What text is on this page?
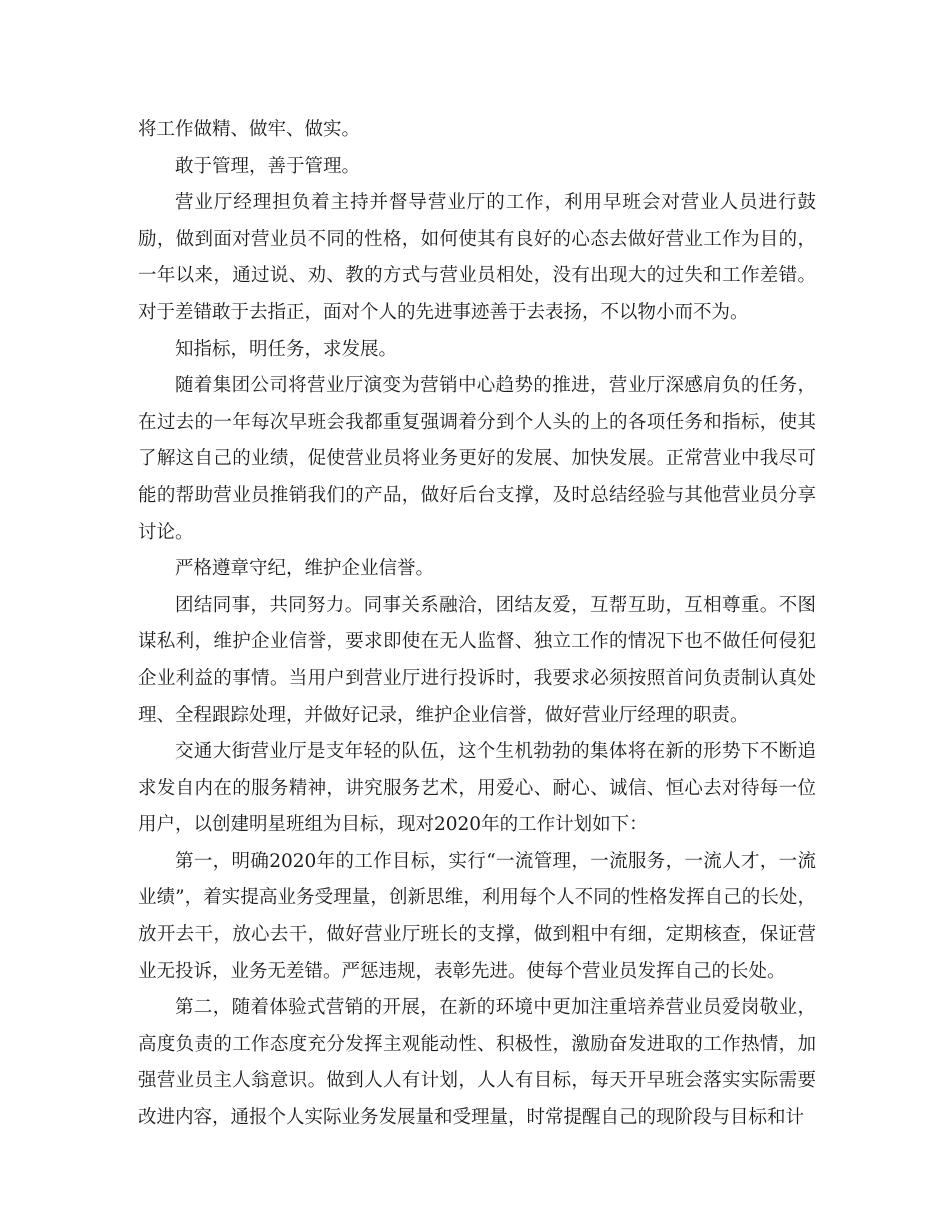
将工作做精、做牢、做实。

敢于管理，善于管理。

营业厅经理担负着主持并督导营业厅的工作，利用早班会对营业人员进行鼓励，做到面对营业员不同的性格，如何使其有良好的心态去做好营业工作为目的，一年以来，通过说、劝、教的方式与营业员相处，没有出现大的过失和工作差错。对于差错敢于去指正，面对个人的先进事迹善于去表扬，不以物小而不为。

知指标，明任务，求发展。

随着集团公司将营业厅演变为营销中心趋势的推进，营业厅深感肩负的任务，在过去的一年每次早班会我都重复强调着分到个人头的上的各项任务和指标，使其了解这自己的业绩，促使营业员将业务更好的发展、加快发展。正常营业中我尽可能的帮助营业员推销我们的产品，做好后台支撑，及时总结经验与其他营业员分享讨论。

严格遵章守纪，维护企业信誉。

团结同事，共同努力。同事关系融洽，团结友爱，互帮互助，互相尊重。不图谋私利，维护企业信誉，要求即使在无人监督、独立工作的情况下也不做任何侵犯企业利益的事情。当用户到营业厅进行投诉时，我要求必须按照首问负责制认真处理、全程跟踪处理，并做好记录，维护企业信誉，做好营业厅经理的职责。

交通大街营业厅是支年轻的队伍，这个生机勃勃的集体将在新的形势下不断追求发自内在的服务精神，讲究服务艺术，用爱心、耐心、诚信、恒心去对待每一位用户，以创建明星班组为目标，现对2020年的工作计划如下：

第一，明确2020年的工作目标，实行“一流管理，一流服务，一流人才，一流业绩”，着实提高业务受理量，创新思维，利用每个人不同的性格发挥自己的长处，放开去干，放心去干，做好营业厅班长的支撑，做到粗中有细，定期核查，保证营业无投诉，业务无差错。严惩违规，表彰先进。使每个营业员发挥自己的长处。

第二，随着体验式营销的开展，在新的环境中更加注重培养营业员爱岗敬业，高度负责的工作态度充分发挥主观能动性、积极性，激励奋发进取的工作热情，加强营业员主人翁意识。做到人人有计划，人人有目标，每天开早班会落实实际需要改进内容，通报个人实际业务发展量和受理量，时常提醒自己的现阶段与目标和计
